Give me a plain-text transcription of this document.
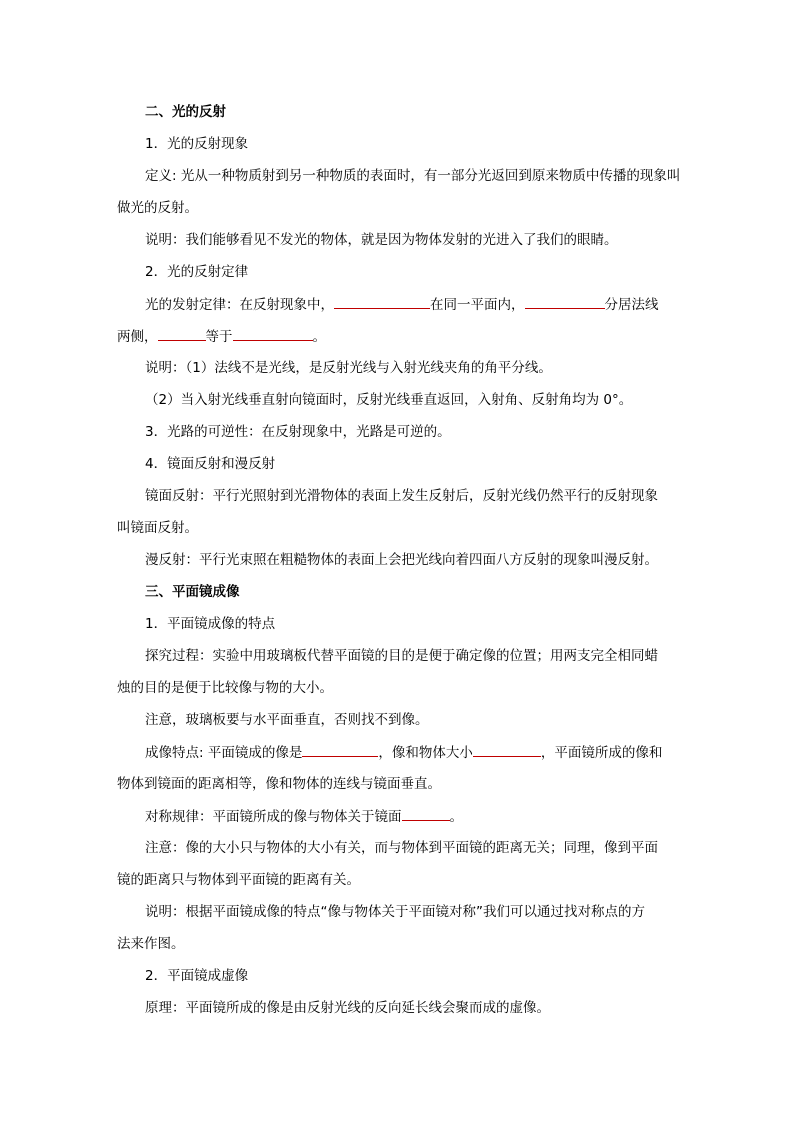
二、光的反射
1．光的反射现象
定义: 光从一种物质射到另一种物质的表面时，有一部分光返回到原来物质中传播的现象叫
做光的反射。
说明：我们能够看见不发光的物体，就是因为物体发射的光进入了我们的眼睛。
2．光的反射定律
光的发射定律：在反射现象中，	在同一平面内，	分居法线
两侧，	等于	。
说明：（1）法线不是光线，是反射光线与入射光线夹角的角平分线。
（2）当入射光线垂直射向镜面时，反射光线垂直返回，入射角、反射角均为 0°。
3．光路的可逆性：在反射现象中，光路是可逆的。
4．镜面反射和漫反射
镜面反射：平行光照射到光滑物体的表面上发生反射后，反射光线仍然平行的反射现象
叫镜面反射。
漫反射：平行光束照在粗糙物体的表面上会把光线向着四面八方反射的现象叫漫反射。
三、平面镜成像
1．平面镜成像的特点
探究过程：实验中用玻璃板代替平面镜的目的是便于确定像的位置；用两支完全相同蜡
烛的目的是便于比较像与物的大小。
注意，玻璃板要与水平面垂直，否则找不到像。
成像特点: 平面镜成的像是	，像和物体大小	，平面镜所成的像和
物体到镜面的距离相等，像和物体的连线与镜面垂直。
对称规律：平面镜所成的像与物体关于镜面	。
注意：像的大小只与物体的大小有关，而与物体到平面镜的距离无关；同理，像到平面
镜的距离只与物体到平面镜的距离有关。
说明：根据平面镜成像的特点“像与物体关于平面镜对称”我们可以通过找对称点的方
法来作图。
2．平面镜成虚像
原理：平面镜所成的像是由反射光线的反向延长线会聚而成的虚像。
